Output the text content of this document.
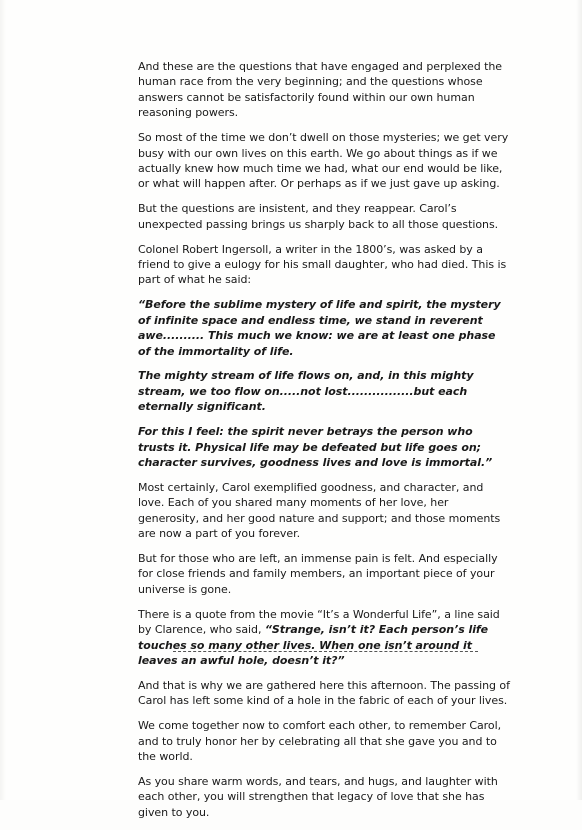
And these are the questions that have engaged and perplexed the human race from the very beginning; and the questions whose answers cannot be satisfactorily found within our own human reasoning powers.

So most of the time we don’t dwell on those mysteries; we get very busy with our own lives on this earth. We go about things as if we actually knew how much time we had, what our end would be like, or what will happen after. Or perhaps as if we just gave up asking.

But the questions are insistent, and they reappear. Carol’s unexpected passing brings us sharply back to all those questions.

Colonel Robert Ingersoll, a writer in the 1800’s, was asked by a friend to give a eulogy for his small daughter, who had died. This is part of what he said:

“Before the sublime mystery of life and spirit, the mystery of infinite space and endless time, we stand in reverent awe.......... This much we know: we are at least one phase of the immortality of life.

The mighty stream of life flows on, and, in this mighty stream, we too flow on.....not lost................but each eternally significant.

For this I feel: the spirit never betrays the person who trusts it. Physical life may be defeated but life goes on; character survives, goodness lives and love is immortal.”

Most certainly, Carol exemplified goodness, and character, and love. Each of you shared many moments of her love, her generosity, and her good nature and support; and those moments are now a part of you forever.

But for those who are left, an immense pain is felt. And especially for close friends and family members, an important piece of your universe is gone.

There is a quote from the movie “It’s a Wonderful Life”, a line said by Clarence, who said, “Strange, isn’t it? Each person’s life touches so many other lives. When one isn’t around it leaves an awful hole, doesn’t it?”

And that is why we are gathered here this afternoon. The passing of Carol has left some kind of a hole in the fabric of each of your lives.

We come together now to comfort each other, to remember Carol, and to truly honor her by celebrating all that she gave you and to the world.

As you share warm words, and tears, and hugs, and laughter with each other, you will strengthen that legacy of love that she has given to you.
